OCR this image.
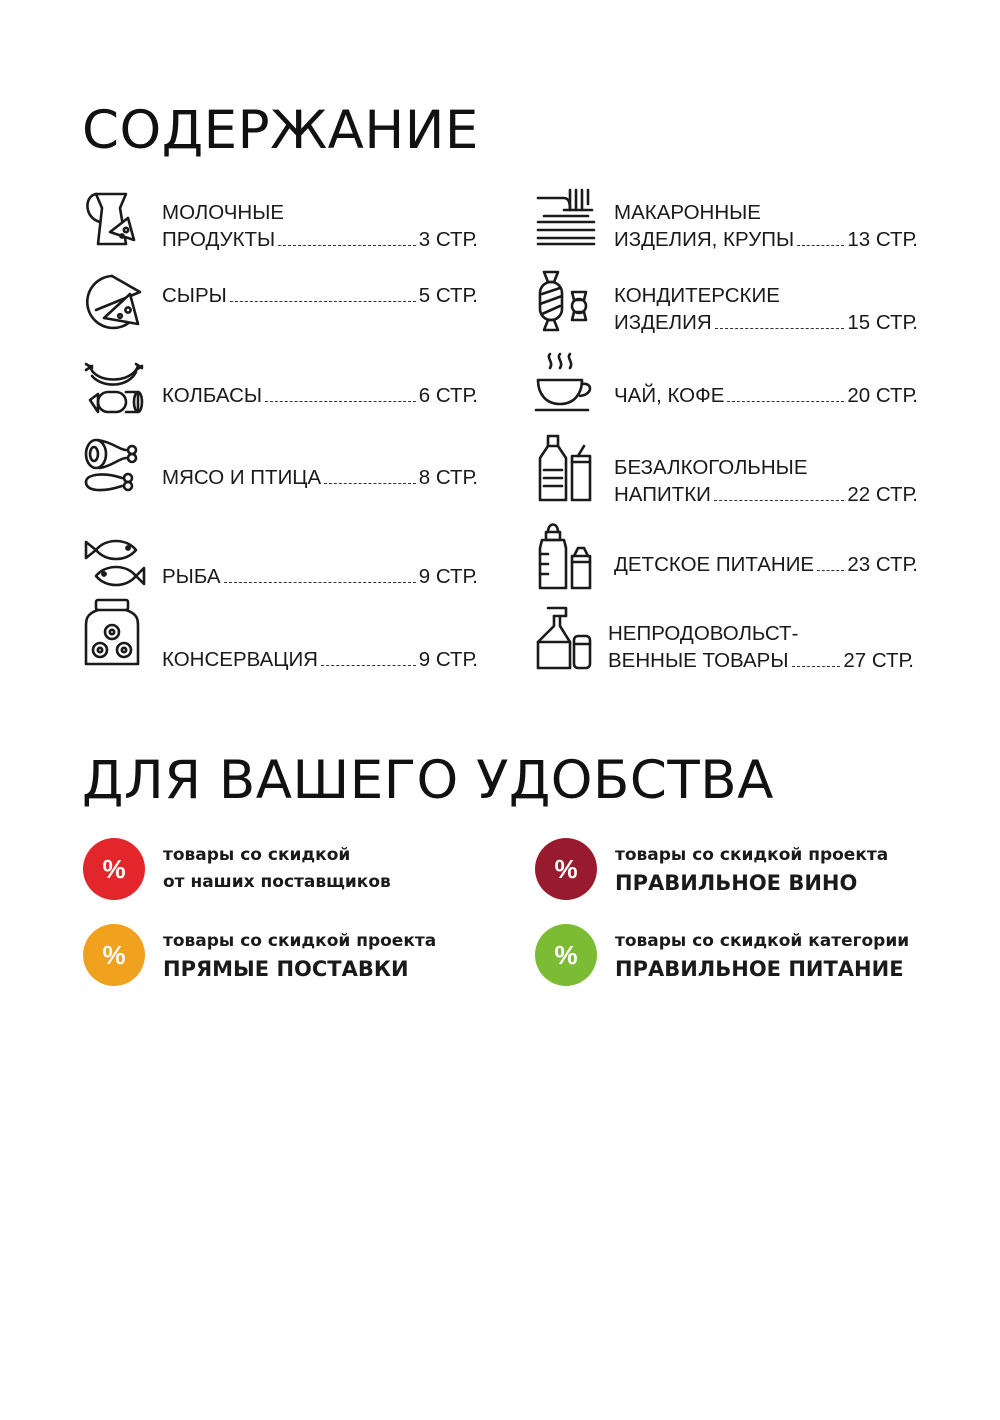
СОДЕРЖАНИЕ
МОЛОЧНЫЕ
ПРОДУКТЫ	3 СТР.
СЫРЫ	5 СТР.
КОЛБАСЫ	6 СТР.
МЯСО И ПТИЦА	8 СТР.
РЫБА	9 СТР.
КОНСЕРВАЦИЯ	9 СТР.
МАКАРОННЫЕ
ИЗДЕЛИЯ, КРУПЫ	13 СТР.
КОНДИТЕРСКИЕ
ИЗДЕЛИЯ	15 СТР.
ЧАЙ, КОФЕ	20 СТР.
БЕЗАЛКОГОЛЬНЫЕ
НАПИТКИ	22 СТР.
ДЕТСКОЕ ПИТАНИЕ 23 СТР.
НЕПРОДОВОЛЬСТ-
ВЕННЫЕ ТОВАРЫ	27 СТР.
ДЛЯ ВАШЕГО УДОБСТВА
%	товары со скидкой
от наших поставщиков
%	товары со скидкой проекта
ПРЯМЫЕ ПОСТАВКИ
%	товары со скидкой проекта
ПРАВИЛЬНОЕ ВИНО
%	товары со скидкой категории
ПРАВИЛЬНОЕ ПИТАНИЕ
